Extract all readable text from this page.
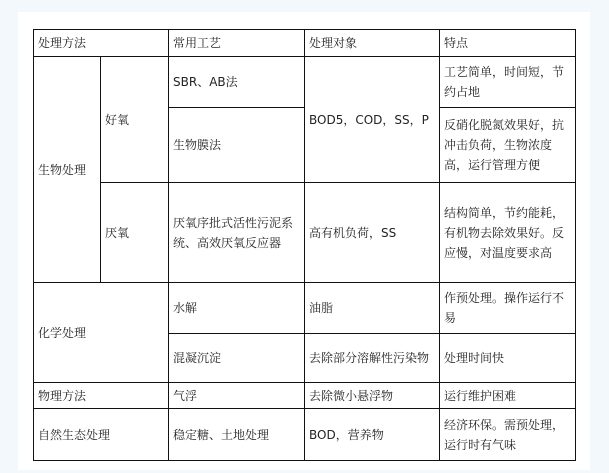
处理方法		常用工艺	处理对象	特点
生物处理	好氧	SBR、AB法	BOD5，COD，SS，P	工艺简单，时间短，节约占地
		生物膜法		反硝化脱氮效果好，抗冲击负荷，生物浓度高，运行管理方便
	厌氧	厌氧序批式活性污泥系统、高效厌氧反应器	高有机负荷，SS	结构简单，节约能耗，有机物去除效果好。反应慢，对温度要求高

化学处理		水解	油脂	作预处理。操作运行不易
		混凝沉淀	去除部分溶解性污染物	处理时间快
物理方法		气浮	去除微小悬浮物	运行维护困难
自然生态处理		稳定糖、土地处理	BOD，营养物	经济环保。需预处理，运行时有气味
